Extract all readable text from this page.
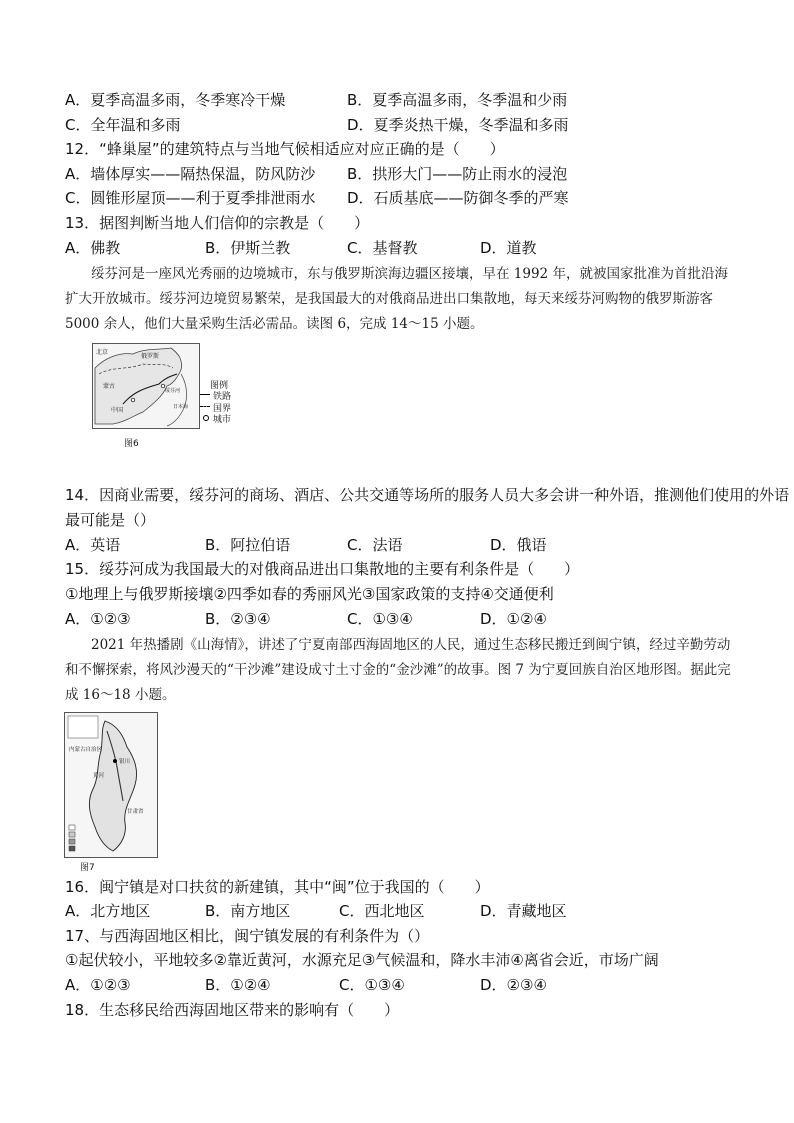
A．夏季高温多雨，冬季寒冷干燥	B．夏季高温多雨，冬季温和少雨
C．全年温和多雨	D．夏季炎热干燥，冬季温和多雨
12．“蜂巢屋”的建筑特点与当地气候相适应对应正确的是（　　）
A．墙体厚实——隔热保温，防风防沙 B．拱形大门——防止雨水的浸泡
C．圆锥形屋顶——利于夏季排泄雨水 D．石质基底——防御冬季的严寒
13．据图判断当地人们信仰的宗教是（　　）
A．佛教	B．伊斯兰教	C．基督教	D．道教
绥芬河是一座风光秀丽的边境城市，东与俄罗斯滨海边疆区接壤，早在 1992 年，就被国家批准为首批沿海扩大开放城市。绥芬河边境贸易繁荣，是我国最大的对俄商品进出口集散地，每天来绥芬河购物的俄罗斯游客 5000 余人，他们大量采购生活必需品。读图 6，完成 14～15 小题。
北京
俄罗斯
蒙古
中国
绥芬河
日本海
图例
铁路
国界
城市
图6
14．因商业需要，绥芬河的商场、酒店、公共交通等场所的服务人员大多会讲一种外语，推测他们使用的外语
最可能是（）
A．英语	B．阿拉伯语	C．法语	D．俄语
15．绥芬河成为我国最大的对俄商品进出口集散地的主要有利条件是（　　）
①地理上与俄罗斯接壤②四季如春的秀丽风光③国家政策的支持④交通便利
A．①②③	B．②③④	C．①③④	D．①②④
2021 年热播剧《山海情》，讲述了宁夏南部西海固地区的人民，通过生态移民搬迁到闽宁镇，经过辛勤劳动和不懈探索，将风沙漫天的“干沙滩”建设成寸土寸金的“金沙滩”的故事。图 7 为宁夏回族自治区地形图。据此完成 16～18 小题。
内蒙古自治区
银川
甘肃省
黄河
图7
16．闽宁镇是对口扶贫的新建镇，其中“闽”位于我国的（　　）
A．北方地区	B．南方地区	C．西北地区	D．青藏地区
17、与西海固地区相比，闽宁镇发展的有利条件为（）
①起伏较小，平地较多②靠近黄河，水源充足③气候温和，降水丰沛④离省会近，市场广阔
A．①②③	B．①②④	C．①③④	D．②③④
18．生态移民给西海固地区带来的影响有（　　）
